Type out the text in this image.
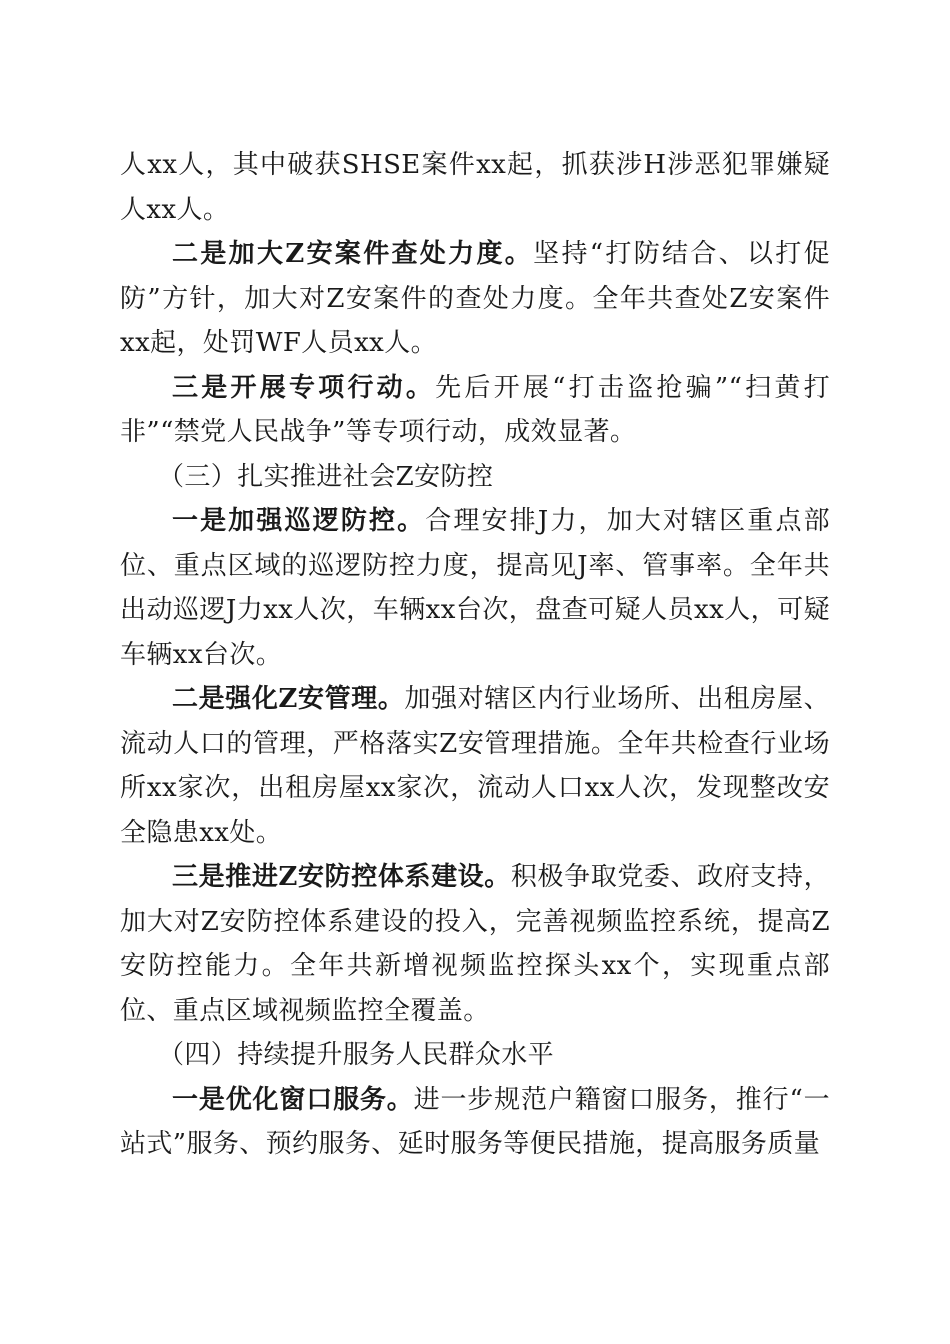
人xx人，其中破获SHSE案件xx起，抓获涉H涉恶犯罪嫌疑人xx人。

二是加大Z安案件查处力度。坚持“打防结合、以打促防”方针，加大对Z安案件的查处力度。全年共查处Z安案件xx起，处罚WF人员xx人。

三是开展专项行动。先后开展“打击盗抢骗”“扫黄打非”“禁党人民战争”等专项行动，成效显著。

（三）扎实推进社会Z安防控

一是加强巡逻防控。合理安排J力，加大对辖区重点部位、重点区域的巡逻防控力度，提高见J率、管事率。全年共出动巡逻J力xx人次，车辆xx台次，盘查可疑人员xx人，可疑车辆xx台次。

二是强化Z安管理。加强对辖区内行业场所、出租房屋、流动人口的管理，严格落实Z安管理措施。全年共检查行业场所xx家次，出租房屋xx家次，流动人口xx人次，发现整改安全隐患xx处。

三是推进Z安防控体系建设。积极争取党委、政府支持，加大对Z安防控体系建设的投入，完善视频监控系统，提高Z安防控能力。全年共新增视频监控探头xx个，实现重点部位、重点区域视频监控全覆盖。

（四）持续提升服务人民群众水平

一是优化窗口服务。进一步规范户籍窗口服务，推行“一站式”服务、预约服务、延时服务等便民措施，提高服务质量
